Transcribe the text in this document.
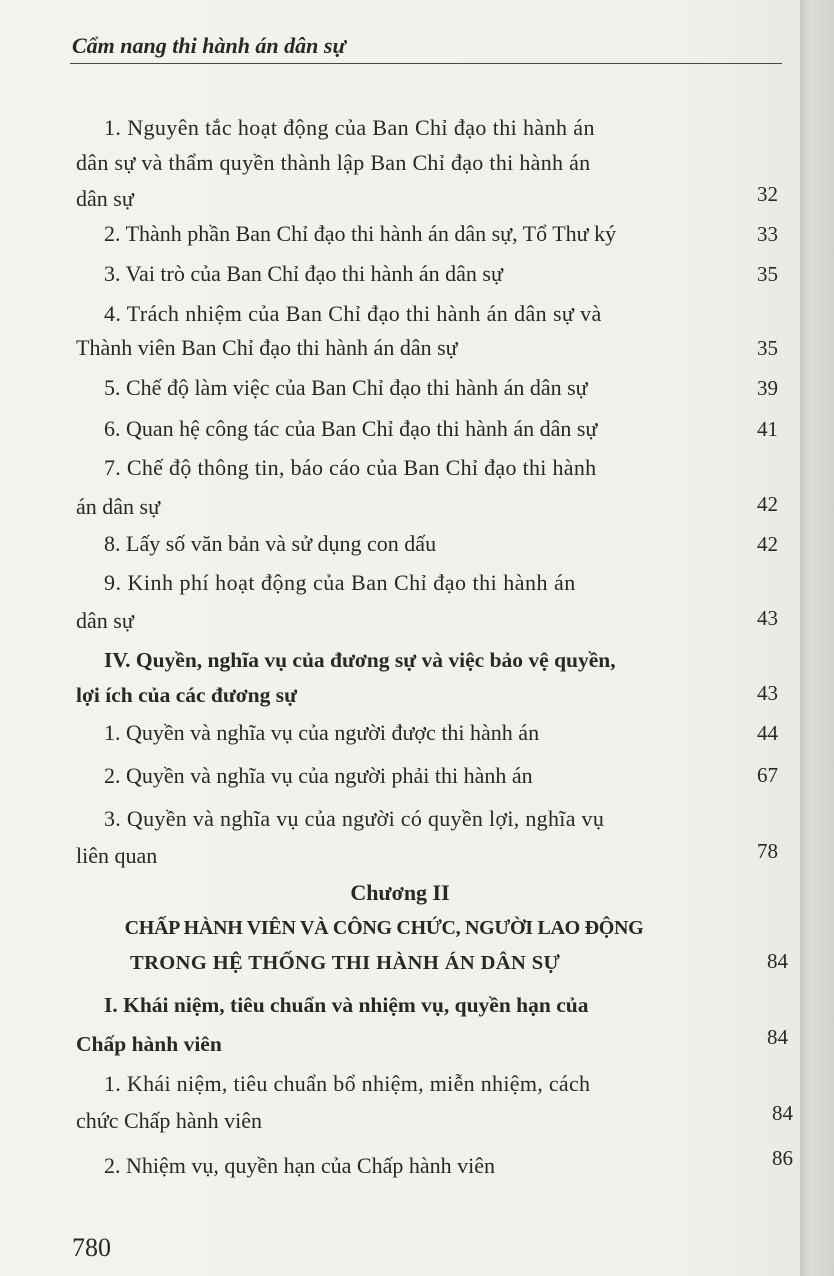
Cẩm nang thi hành án dân sự
1. Nguyên tắc hoạt động của Ban Chỉ đạo thi hành án
dân sự và thẩm quyền thành lập Ban Chỉ đạo thi hành án
dân sự	32
2. Thành phần Ban Chỉ đạo thi hành án dân sự, Tổ Thư ký	33
3. Vai trò của Ban Chỉ đạo thi hành án dân sự	35
4. Trách nhiệm của Ban Chỉ đạo thi hành án dân sự và
Thành viên Ban Chỉ đạo thi hành án dân sự	35
5. Chế độ làm việc của Ban Chỉ đạo thi hành án dân sự	39
6. Quan hệ công tác của Ban Chỉ đạo thi hành án dân sự	41
7. Chế độ thông tin, báo cáo của Ban Chỉ đạo thi hành
án dân sự	42
8. Lấy số văn bản và sử dụng con dấu	42
9. Kinh phí hoạt động của Ban Chỉ đạo thi hành án
dân sự	43
IV. Quyền, nghĩa vụ của đương sự và việc bảo vệ quyền,
lợi ích của các đương sự	43
1. Quyền và nghĩa vụ của người được thi hành án	44
2. Quyền và nghĩa vụ của người phải thi hành án	67
3. Quyền và nghĩa vụ của người có quyền lợi, nghĩa vụ
liên quan	78
Chương II
CHẤP HÀNH VIÊN VÀ CÔNG CHỨC, NGƯỜI LAO ĐỘNG
TRONG HỆ THỐNG THI HÀNH ÁN DÂN SỰ	84
I. Khái niệm, tiêu chuẩn và nhiệm vụ, quyền hạn của
Chấp hành viên	84
1. Khái niệm, tiêu chuẩn bổ nhiệm, miễn nhiệm, cách
chức Chấp hành viên	84
2. Nhiệm vụ, quyền hạn của Chấp hành viên	86
780
